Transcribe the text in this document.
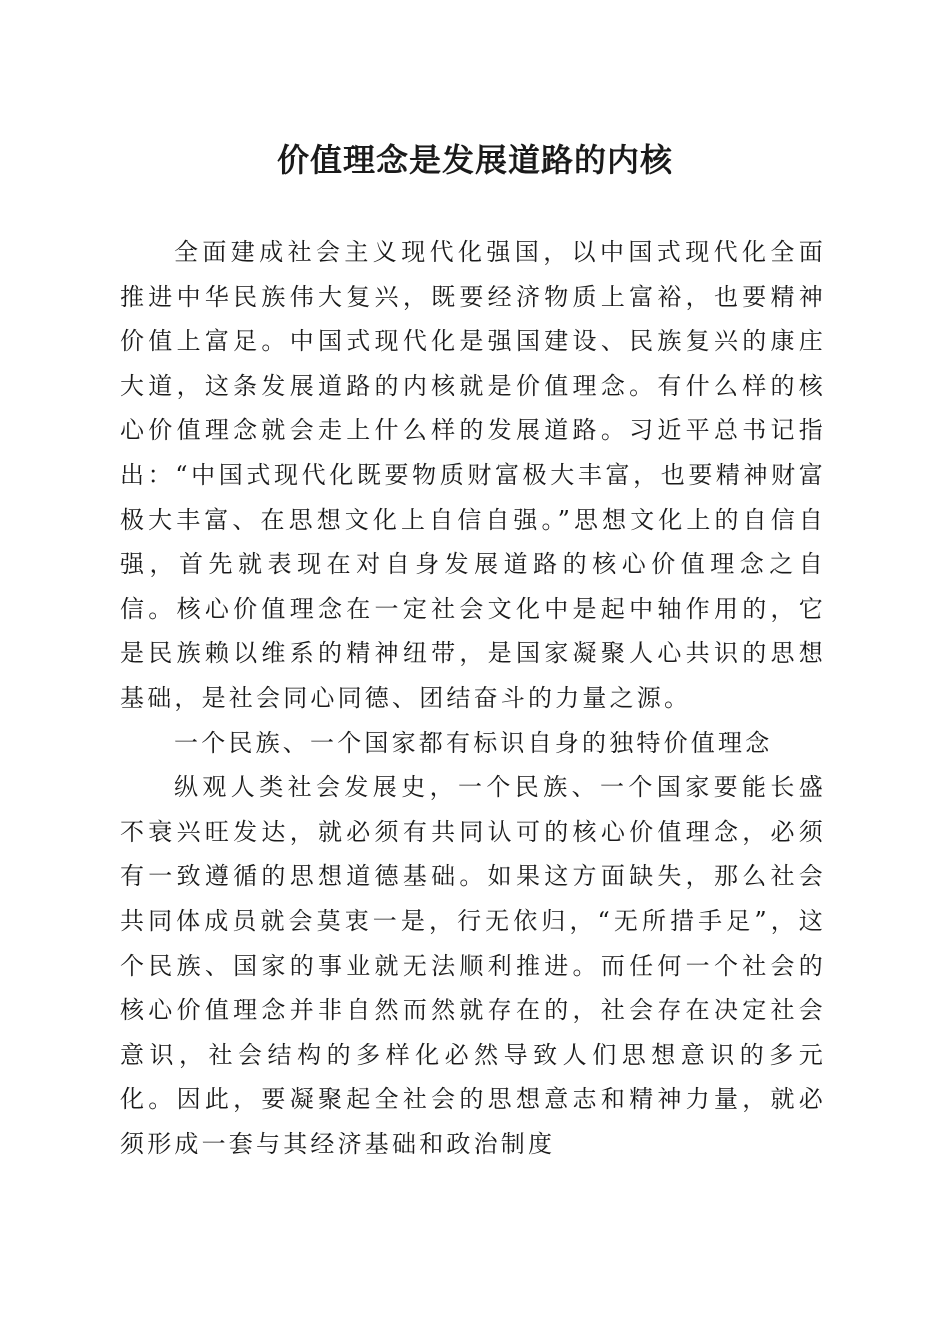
价值理念是发展道路的内核

全面建成社会主义现代化强国，以中国式现代化全面推进中华民族伟大复兴，既要经济物质上富裕，也要精神价值上富足。中国式现代化是强国建设、民族复兴的康庄大道，这条发展道路的内核就是价值理念。有什么样的核心价值理念就会走上什么样的发展道路。习近平总书记指出：“中国式现代化既要物质财富极大丰富，也要精神财富极大丰富、在思想文化上自信自强。”思想文化上的自信自强，首先就表现在对自身发展道路的核心价值理念之自信。核心价值理念在一定社会文化中是起中轴作用的，它是民族赖以维系的精神纽带，是国家凝聚人心共识的思想基础，是社会同心同德、团结奋斗的力量之源。

一个民族、一个国家都有标识自身的独特价值理念

纵观人类社会发展史，一个民族、一个国家要能长盛不衰兴旺发达，就必须有共同认可的核心价值理念，必须有一致遵循的思想道德基础。如果这方面缺失，那么社会共同体成员就会莫衷一是，行无依归，“无所措手足”，这个民族、国家的事业就无法顺利推进。而任何一个社会的核心价值理念并非自然而然就存在的，社会存在决定社会意识，社会结构的多样化必然导致人们思想意识的多元化。因此，要凝聚起全社会的思想意志和精神力量，就必须形成一套与其经济基础和政治制度
